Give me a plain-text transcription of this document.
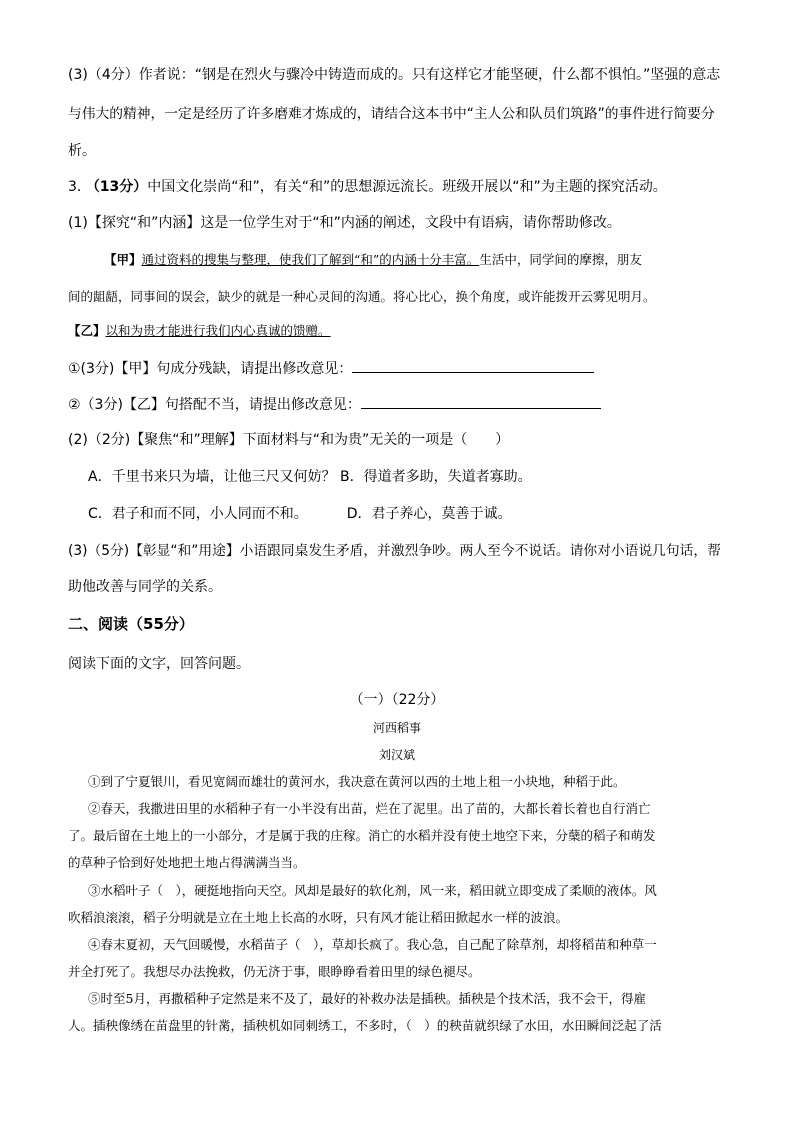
(3)（4分）作者说：“钢是在烈火与骤冷中铸造而成的。只有这样它才能坚硬，什么都不惧怕。”坚强的意志
与伟大的精神，一定是经历了许多磨难才炼成的，请结合这本书中“主人公和队员们筑路”的事件进行简要分
析。
3. （13分）中国文化崇尚“和”，有关“和”的思想源远流长。班级开展以“和”为主题的探究活动。
(1)【探究“和”内涵】这是一位学生对于“和”内涵的阐述，文段中有语病，请你帮助修改。
【甲】通过资料的搜集与整理，使我们了解到“和”的内涵十分丰富。生活中，同学间的摩擦，朋友
间的龃龉，同事间的误会，缺少的就是一种心灵间的沟通。将心比心，换个角度，或许能拨开云雾见明月。
【乙】以和为贵才能进行我们内心真诚的馈赠。
①(3分)【甲】句成分残缺，请提出修改意见：
②（3分)【乙】句搭配不当，请提出修改意见：
(2)（2分)【聚焦“和”理解】下面材料与“和为贵”无关的一项是（　　）
A．千里书来只为墙，让他三尺又何妨？ B．得道者多助，失道者寡助。
C．君子和而不同，小人同而不和。	D．君子养心，莫善于诚。
(3)（5分)【彰显“和”用途】小语跟同桌发生矛盾，并激烈争吵。两人至今不说话。请你对小语说几句话，帮
助他改善与同学的关系。
二、阅读（55分）
阅读下面的文字，回答问题。
（一）（22分）
河西稻事
刘汉斌
①到了宁夏银川，看见宽阔而雄壮的黄河水，我决意在黄河以西的土地上租一小块地，种稻于此。
②春天，我撒进田里的水稻种子有一小半没有出苗，烂在了泥里。出了苗的，大都长着长着也自行消亡
了。最后留在土地上的一小部分，才是属于我的庄稼。消亡的水稻并没有使土地空下来，分蘖的稻子和萌发
的草种子恰到好处地把土地占得满满当当。
③水稻叶子（　），硬挺地指向天空。风却是最好的软化剂，风一来，稻田就立即变成了柔顺的液体。风
吹稻浪滚滚，稻子分明就是立在土地上长高的水呀，只有风才能让稻田掀起水一样的波浪。
④春末夏初，天气回暖慢，水稻苗子（　），草却长疯了。我心急，自己配了除草剂，却将稻苗和种草一
并全打死了。我想尽办法挽救，仍无济于事，眼睁睁看着田里的绿色褪尽。
⑤时至5月，再撒稻种子定然是来不及了，最好的补救办法是插秧。插秧是个技术活，我不会干，得雇
人。插秧像绣在苗盘里的针黹，插秧机如同刺绣工，不多时，（　）的秧苗就织绿了水田，水田瞬间泛起了活
